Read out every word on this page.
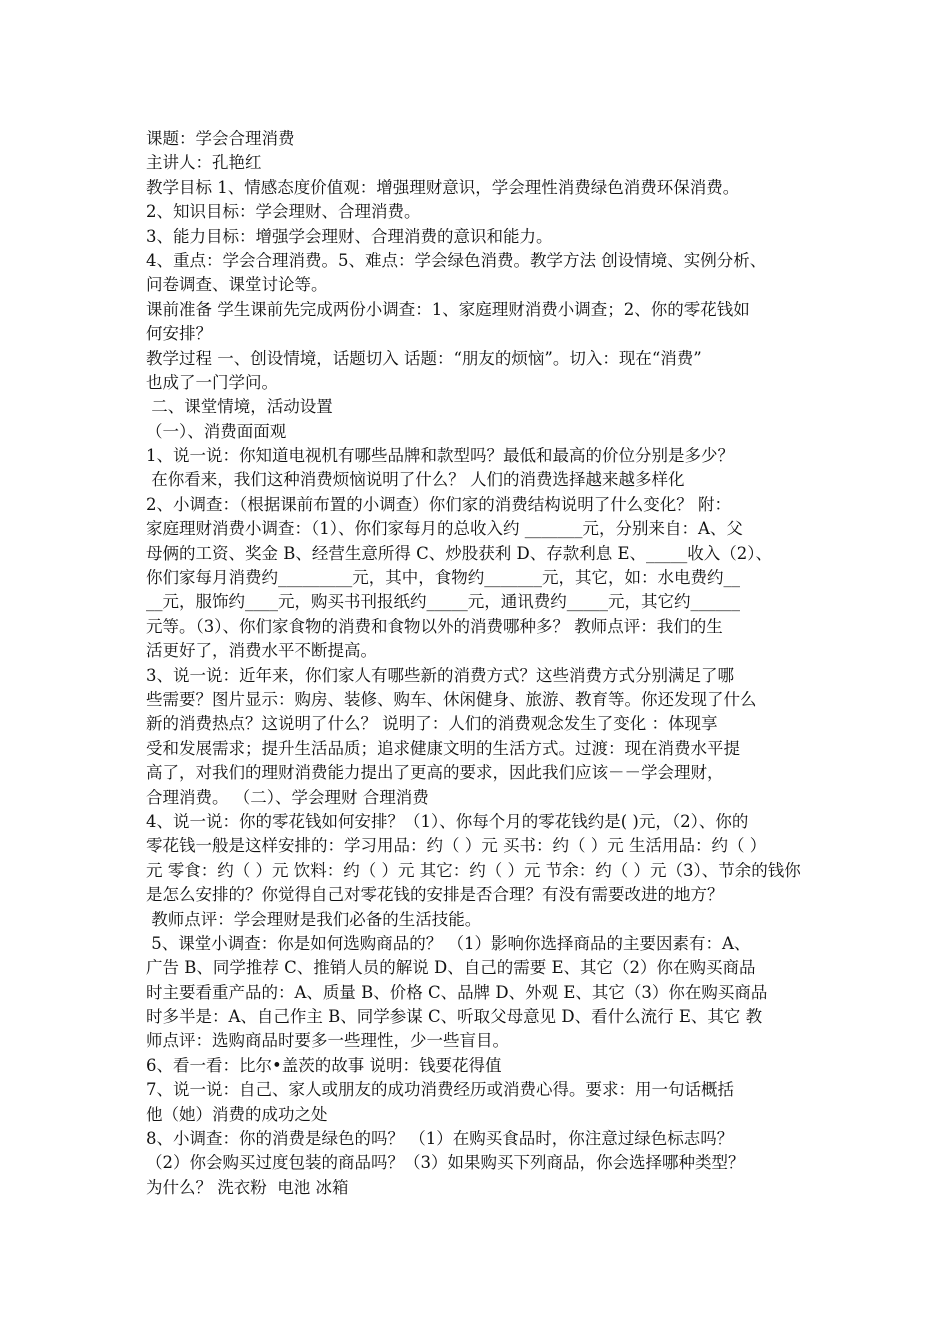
课题：学会合理消费
主讲人：孔艳红
教学目标 1、情感态度价值观：增强理财意识，学会理性消费绿色消费环保消费。
2、知识目标：学会理财、合理消费。
3、能力目标：增强学会理财、合理消费的意识和能力。
4、重点：学会合理消费。5、难点：学会绿色消费。教学方法 创设情境、实例分析、
问卷调查、课堂讨论等。
课前准备 学生课前先完成两份小调查：1、家庭理财消费小调查；2、你的零花钱如
何安排？
教学过程 一、创设情境，话题切入 话题：“朋友的烦恼”。切入：现在“消费”
也成了一门学问。
二、课堂情境，活动设置
（一）、消费面面观
1、说一说：你知道电视机有哪些品牌和款型吗？最低和最高的价位分别是多少？
在你看来，我们这种消费烦恼说明了什么？ 人们的消费选择越来越多样化
2、小调查：（根据课前布置的小调查）你们家的消费结构说明了什么变化？ 附：
家庭理财消费小调查：（1）、你们家每月的总收入约 _______元，分别来自：A、父
母俩的工资、奖金 B、经营生意所得 C、炒股获利 D、存款利息 E、_____收入（2）、
你们家每月消费约_________元，其中，食物约_______元，其它，如：水电费约__
__元，服饰约____元，购买书刊报纸约_____元，通讯费约_____元，其它约______
元等。（3）、你们家食物的消费和食物以外的消费哪种多？ 教师点评：我们的生
活更好了，消费水平不断提高。
3、说一说：近年来，你们家人有哪些新的消费方式？这些消费方式分别满足了哪
些需要？图片显示：购房、装修、购车、休闲健身、旅游、教育等。你还发现了什么
新的消费热点？这说明了什么？ 说明了：人们的消费观念发生了变化 ：体现享
受和发展需求；提升生活品质；追求健康文明的生活方式。过渡：现在消费水平提
高了，对我们的理财消费能力提出了更高的要求，因此我们应该－－学会理财，
合理消费。 （二）、学会理财 合理消费
4、说一说：你的零花钱如何安排？（1）、你每个月的零花钱约是( )元，（2）、你的
零花钱一般是这样安排的：学习用品：约（ ）元 买书：约（ ）元 生活用品：约（ ）
元 零食：约（ ）元 饮料：约（ ）元 其它：约（ ）元 节余：约（ ）元（3）、节余的钱你
是怎么安排的？你觉得自己对零花钱的安排是否合理？有没有需要改进的地方？
教师点评：学会理财是我们必备的生活技能。
5、课堂小调查：你是如何选购商品的？ （1）影响你选择商品的主要因素有：A、
广告 B、同学推荐 C、推销人员的解说 D、自己的需要 E、其它（2）你在购买商品
时主要看重产品的：A、质量 B、价格 C、品牌 D、外观 E、其它（3）你在购买商品
时多半是：A、自己作主 B、同学参谋 C、听取父母意见 D、看什么流行 E、其它 教
师点评：选购商品时要多一些理性，少一些盲目。
6、看一看：比尔•盖茨的故事 说明：钱要花得值
7、说一说：自己、家人或朋友的成功消费经历或消费心得。要求：用一句话概括
他（她）消费的成功之处
8、小调查：你的消费是绿色的吗？ （1）在购买食品时，你注意过绿色标志吗？
（2）你会购买过度包装的商品吗？（3）如果购买下列商品，你会选择哪种类型？
为什么？ 洗衣粉  电池 冰箱
